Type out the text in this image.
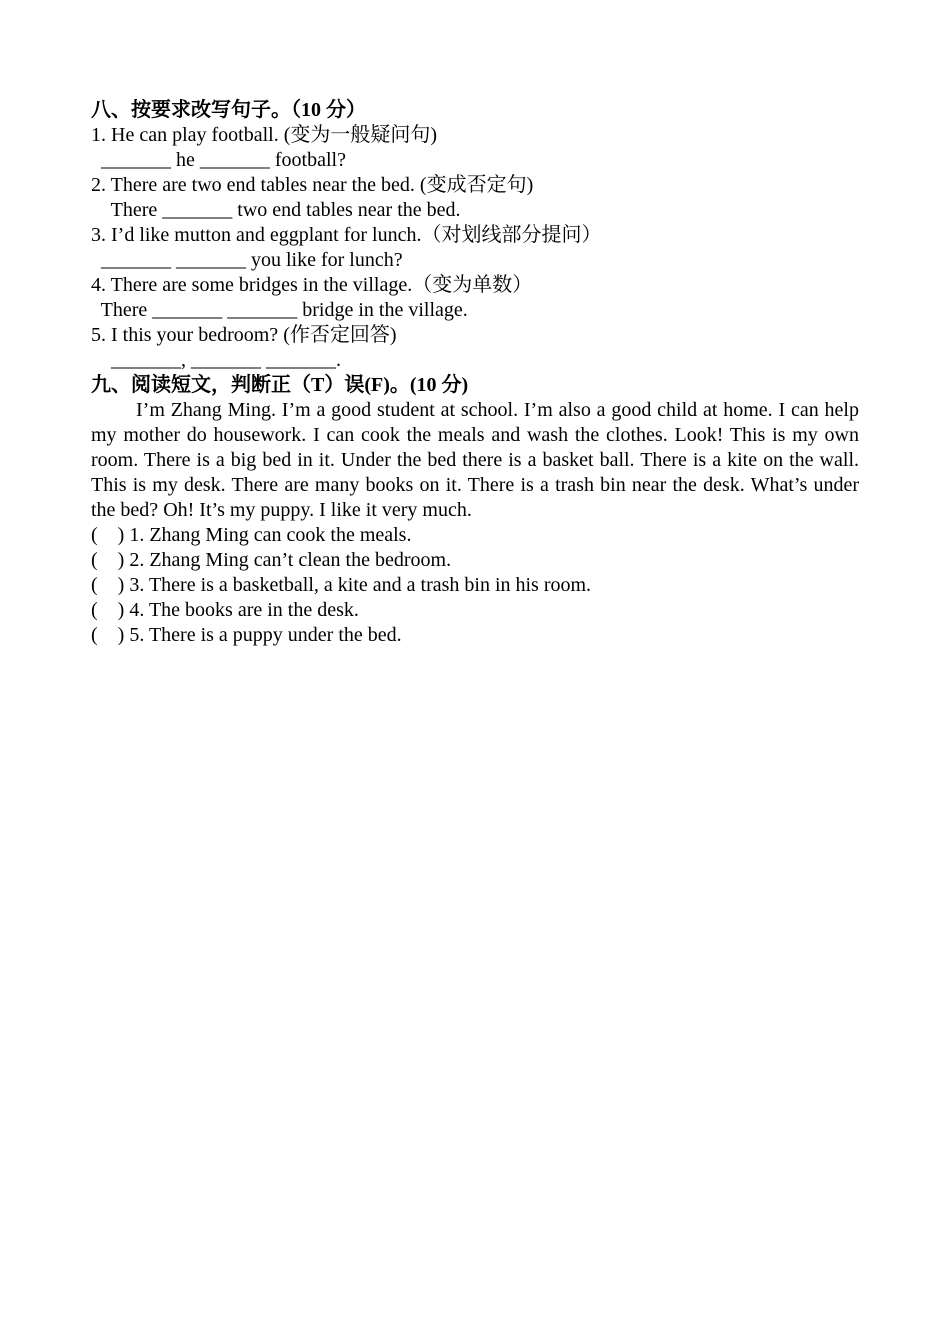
八、按要求改写句子。（10 分）
1. He can play football. (变为一般疑问句)
_______ he _______ football?
2. There are two end tables near the bed. (变成否定句)
There _______ two end tables near the bed.
3. I’d like mutton and eggplant for lunch.（对划线部分提问）
_______ _______ you like for lunch?
4. There are some bridges in the village.（变为单数）
There _______ _______ bridge in the village.
5. I this your bedroom? (作否定回答)
_______, _______ _______.
九、阅读短文，判断正（T）误(F)。(10 分)
I’m Zhang Ming. I’m a good student at school. I’m also a good child at home. I can help my mother do housework. I can cook the meals and wash the clothes. Look! This is my own room. There is a big bed in it. Under the bed there is a basket ball. There is a kite on the wall. This is my desk. There are many books on it. There is a trash bin near the desk. What’s under the bed? Oh! It’s my puppy. I like it very much.
(    ) 1. Zhang Ming can cook the meals.
(    ) 2. Zhang Ming can’t clean the bedroom.
(    ) 3. There is a basketball, a kite and a trash bin in his room.
(    ) 4. The books are in the desk.
(    ) 5. There is a puppy under the bed.
